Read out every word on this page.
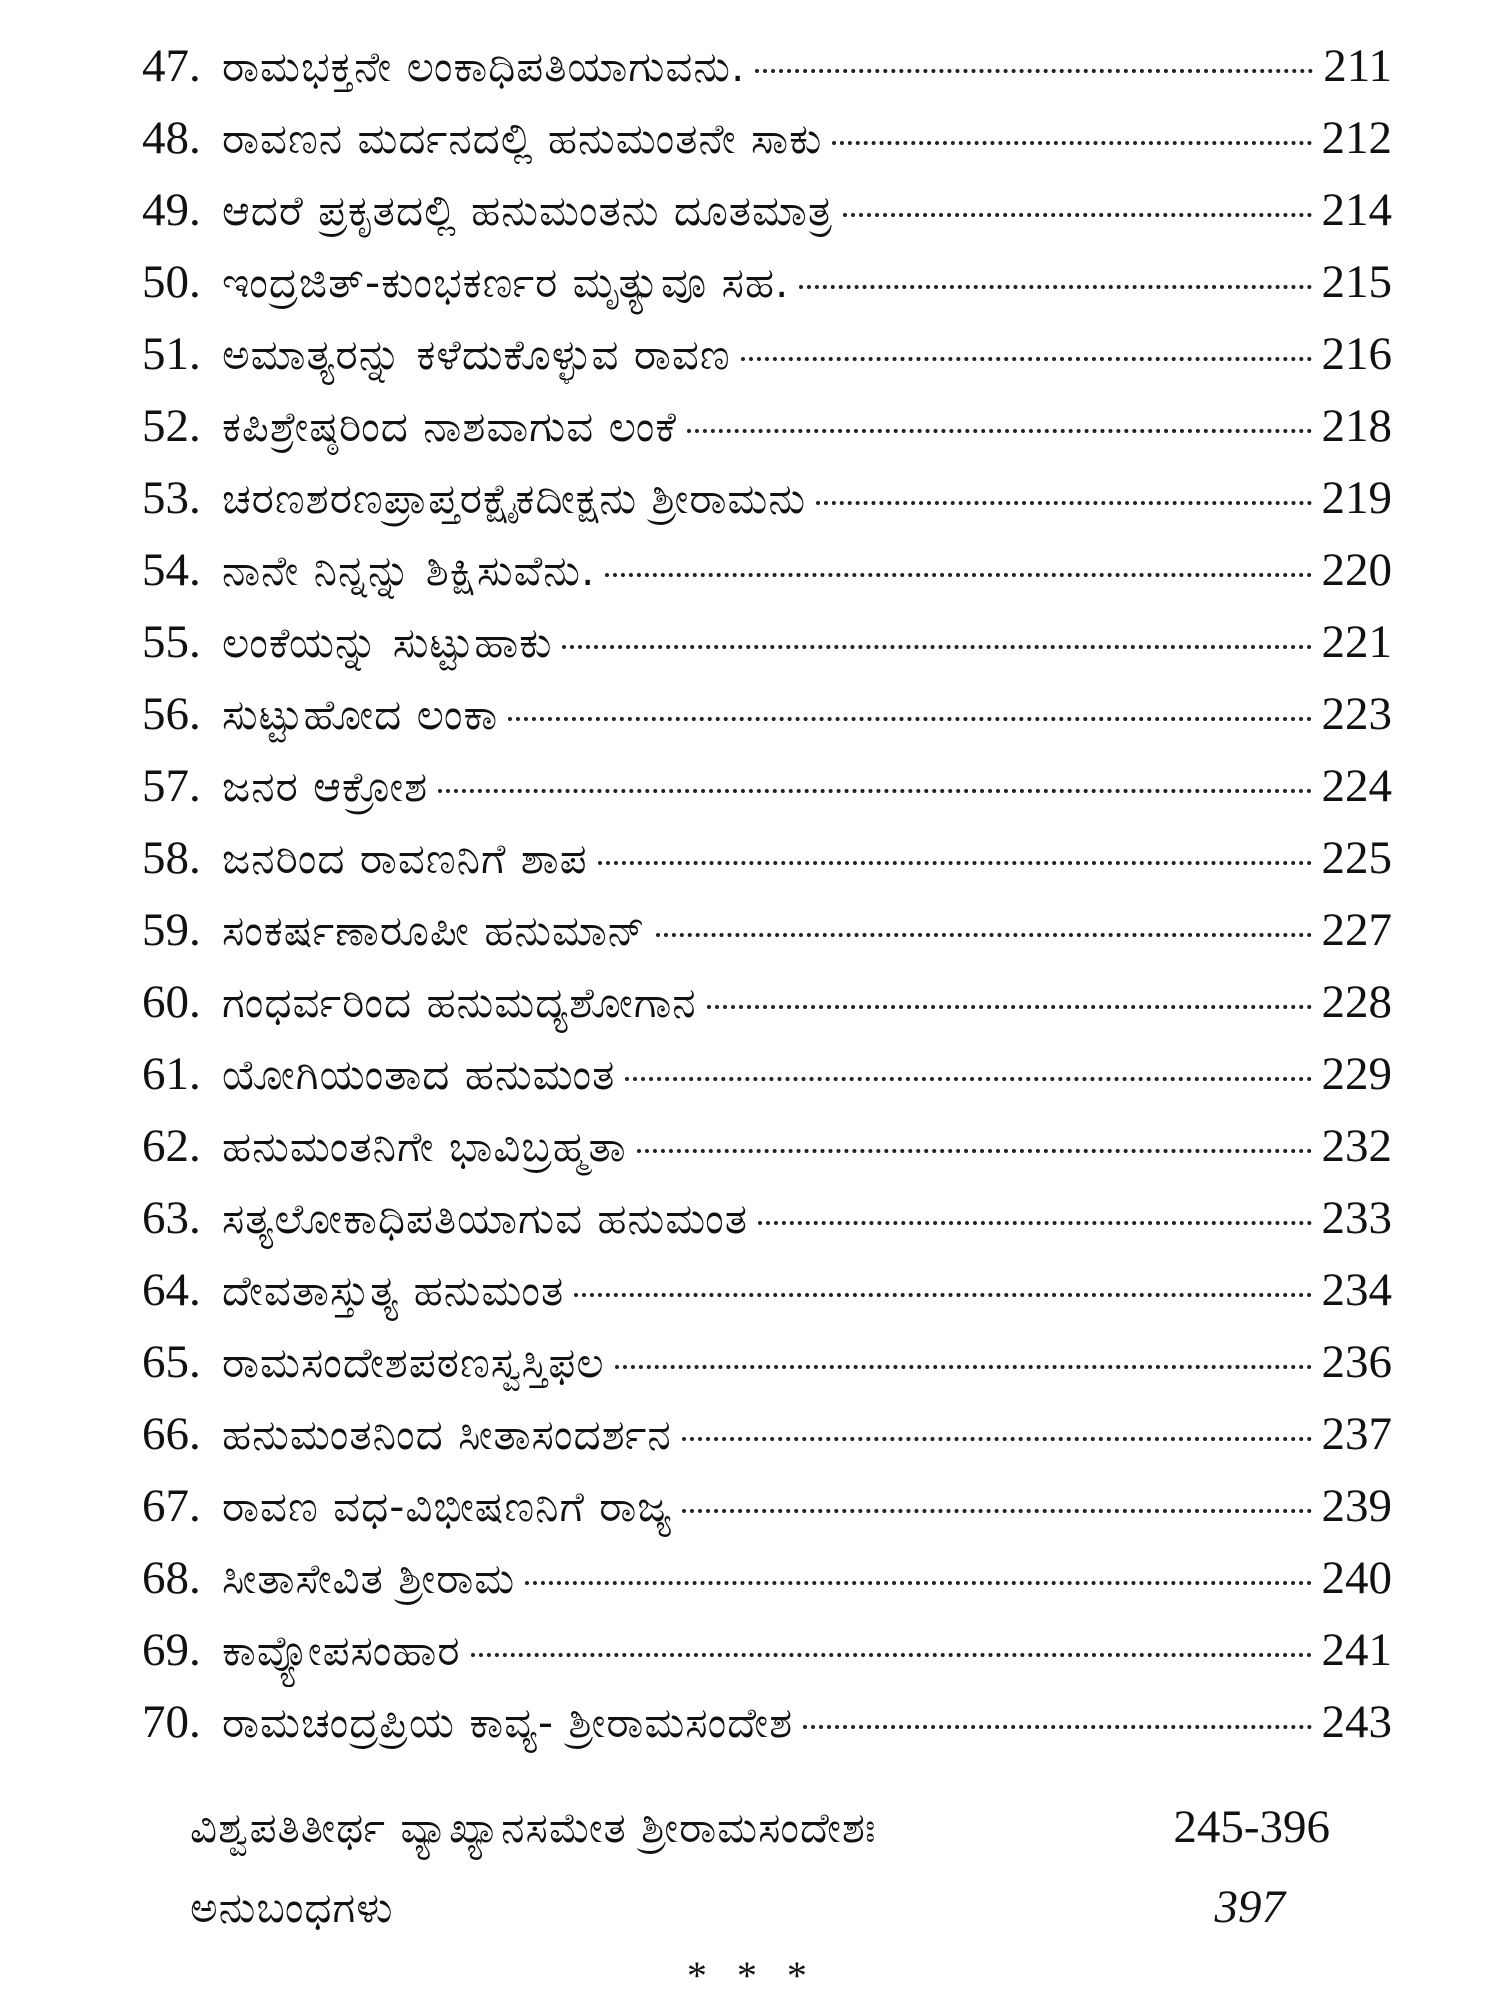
47. ರಾಮಭಕ್ತನೇ ಲಂಕಾಧಿಪತಿಯಾಗುವನು.	211
48. ರಾವಣನ ಮರ್ದನದಲ್ಲಿ ಹನುಮಂತನೇ ಸಾಕು	212
49. ಆದರೆ ಪ್ರಕೃತದಲ್ಲಿ ಹನುಮಂತನು ದೂತಮಾತ್ರ	214
50. ಇಂದ್ರಜಿತ್-ಕುಂಭಕರ್ಣರ ಮೃತ್ಯುವೂ ಸಹ.	215
51. ಅಮಾತ್ಯರನ್ನು ಕಳೆದುಕೊಳ್ಳುವ ರಾವಣ	216
52. ಕಪಿಶ್ರೇಷ್ಠರಿಂದ ನಾಶವಾಗುವ ಲಂಕೆ	218
53. ಚರಣಶರಣಪ್ರಾಪ್ತರಕ್ಷೈಕದೀಕ್ಷನು ಶ್ರೀರಾಮನು	219
54. ನಾನೇ ನಿನ್ನನ್ನು ಶಿಕ್ಷಿಸುವೆನು.	220
55. ಲಂಕೆಯನ್ನು ಸುಟ್ಟುಹಾಕು	221
56. ಸುಟ್ಟುಹೋದ ಲಂಕಾ	223
57. ಜನರ ಆಕ್ರೋಶ	224
58. ಜನರಿಂದ ರಾವಣನಿಗೆ ಶಾಪ	225
59. ಸಂಕರ್ಷಣಾರೂಪೀ ಹನುಮಾನ್	227
60. ಗಂಧರ್ವರಿಂದ ಹನುಮದ್ಯಶೋಗಾನ	228
61. ಯೋಗಿಯಂತಾದ ಹನುಮಂತ	229
62. ಹನುಮಂತನಿಗೇ ಭಾವಿಬ್ರಹ್ಮತಾ	232
63. ಸತ್ಯಲೋಕಾಧಿಪತಿಯಾಗುವ ಹನುಮಂತ	233
64. ದೇವತಾಸ್ತುತ್ಯ ಹನುಮಂತ	234
65. ರಾಮಸಂದೇಶಪಠಣಸ್ವಸ್ತಿಫಲ	236
66. ಹನುಮಂತನಿಂದ ಸೀತಾಸಂದರ್ಶನ	237
67. ರಾವಣ ವಧ-ವಿಭೀಷಣನಿಗೆ ರಾಜ್ಯ	239
68. ಸೀತಾಸೇವಿತ ಶ್ರೀರಾಮ	240
69. ಕಾವ್ಯೋಪಸಂಹಾರ	241
70. ರಾಮಚಂದ್ರಪ್ರಿಯ ಕಾವ್ಯ- ಶ್ರೀರಾಮಸಂದೇಶ	243
ವಿಶ್ವಪತಿತೀರ್ಥ ವ್ಯಾಖ್ಯಾನಸಮೇತ ಶ್ರೀರಾಮಸಂದೇಶಃ	245-396
ಅನುಬಂಧಗಳು	397
* * *
